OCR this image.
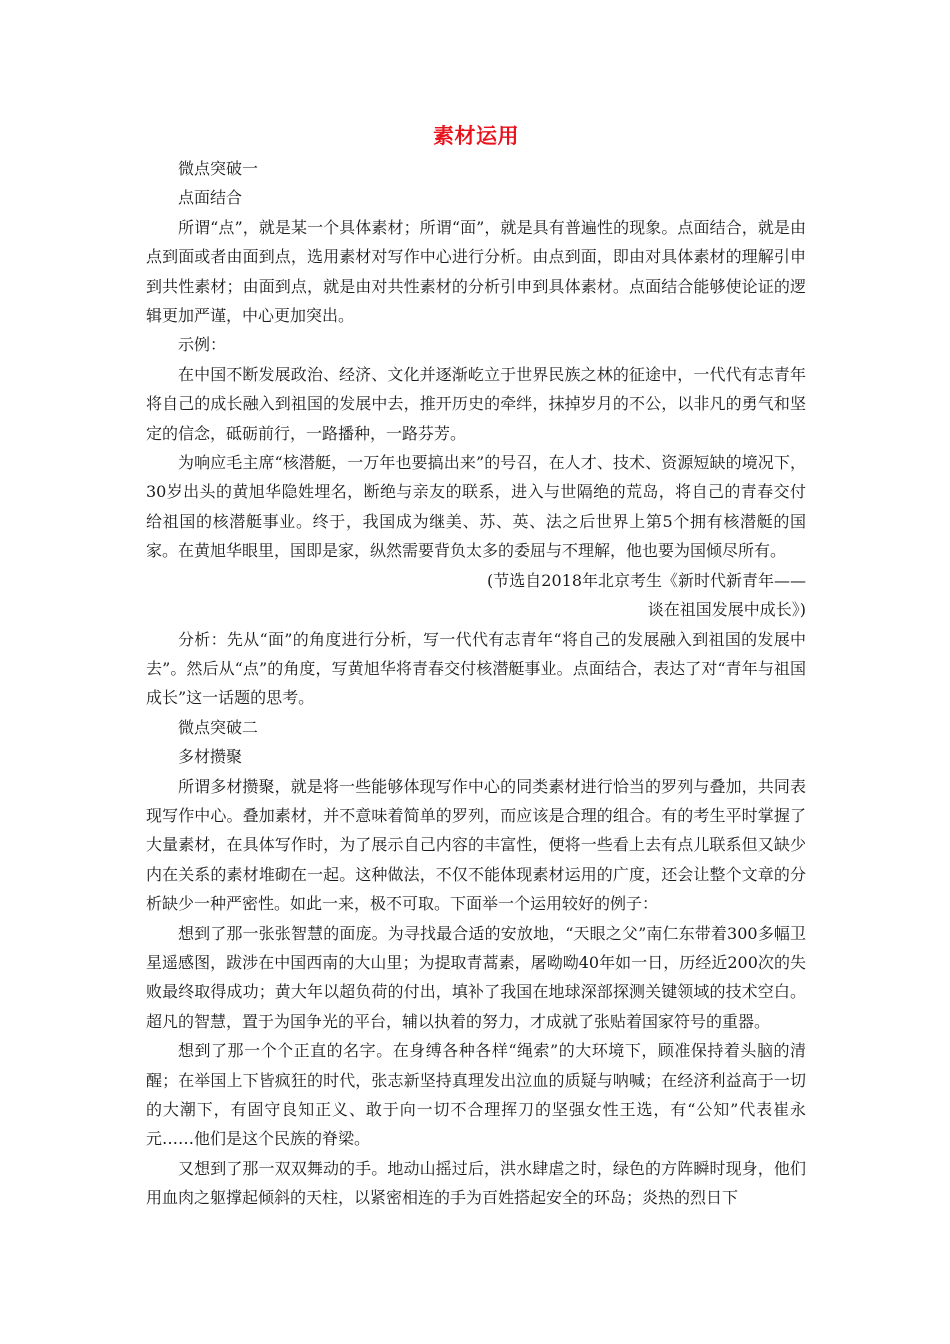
素材运用

微点突破一

点面结合

所谓“点”，就是某一个具体素材；所谓“面”，就是具有普遍性的现象。点面结合，就是由点到面或者由面到点，选用素材对写作中心进行分析。由点到面，即由对具体素材的理解引申到共性素材；由面到点，就是由对共性素材的分析引申到具体素材。点面结合能够使论证的逻辑更加严谨，中心更加突出。

示例：

在中国不断发展政治、经济、文化并逐渐屹立于世界民族之林的征途中，一代代有志青年将自己的成长融入到祖国的发展中去，推开历史的牵绊，抹掉岁月的不公，以非凡的勇气和坚定的信念，砥砺前行，一路播种，一路芬芳。

为响应毛主席“核潜艇，一万年也要搞出来”的号召，在人才、技术、资源短缺的境况下，30岁出头的黄旭华隐姓埋名，断绝与亲友的联系，进入与世隔绝的荒岛，将自己的青春交付给祖国的核潜艇事业。终于，我国成为继美、苏、英、法之后世界上第5个拥有核潜艇的国家。在黄旭华眼里，国即是家，纵然需要背负太多的委屈与不理解，他也要为国倾尽所有。

(节选自2018年北京考生《新时代新青年——
谈在祖国发展中成长》)

分析：先从“面”的角度进行分析，写一代代有志青年“将自己的发展融入到祖国的发展中去”。然后从“点”的角度，写黄旭华将青春交付核潜艇事业。点面结合，表达了对“青年与祖国成长”这一话题的思考。

微点突破二

多材攒聚

所谓多材攒聚，就是将一些能够体现写作中心的同类素材进行恰当的罗列与叠加，共同表现写作中心。叠加素材，并不意味着简单的罗列，而应该是合理的组合。有的考生平时掌握了大量素材，在具体写作时，为了展示自己内容的丰富性，便将一些看上去有点儿联系但又缺少内在关系的素材堆砌在一起。这种做法，不仅不能体现素材运用的广度，还会让整个文章的分析缺少一种严密性。如此一来，极不可取。下面举一个运用较好的例子：

想到了那一张张智慧的面庞。为寻找最合适的安放地，“天眼之父”南仁东带着300多幅卫星遥感图，跋涉在中国西南的大山里；为提取青蒿素，屠呦呦40年如一日，历经近200次的失败最终取得成功；黄大年以超负荷的付出，填补了我国在地球深部探测关键领域的技术空白。超凡的智慧，置于为国争光的平台，辅以执着的努力，才成就了张贴着国家符号的重器。

想到了那一个个正直的名字。在身缚各种各样“绳索”的大环境下，顾准保持着头脑的清醒；在举国上下皆疯狂的时代，张志新坚持真理发出泣血的质疑与呐喊；在经济利益高于一切的大潮下，有固守良知正义、敢于向一切不合理挥刀的坚强女性王选，有“公知”代表崔永元……他们是这个民族的脊梁。

又想到了那一双双舞动的手。地动山摇过后，洪水肆虐之时，绿色的方阵瞬时现身，他们用血肉之躯撑起倾斜的天柱，以紧密相连的手为百姓搭起安全的环岛；炎热的烈日下
